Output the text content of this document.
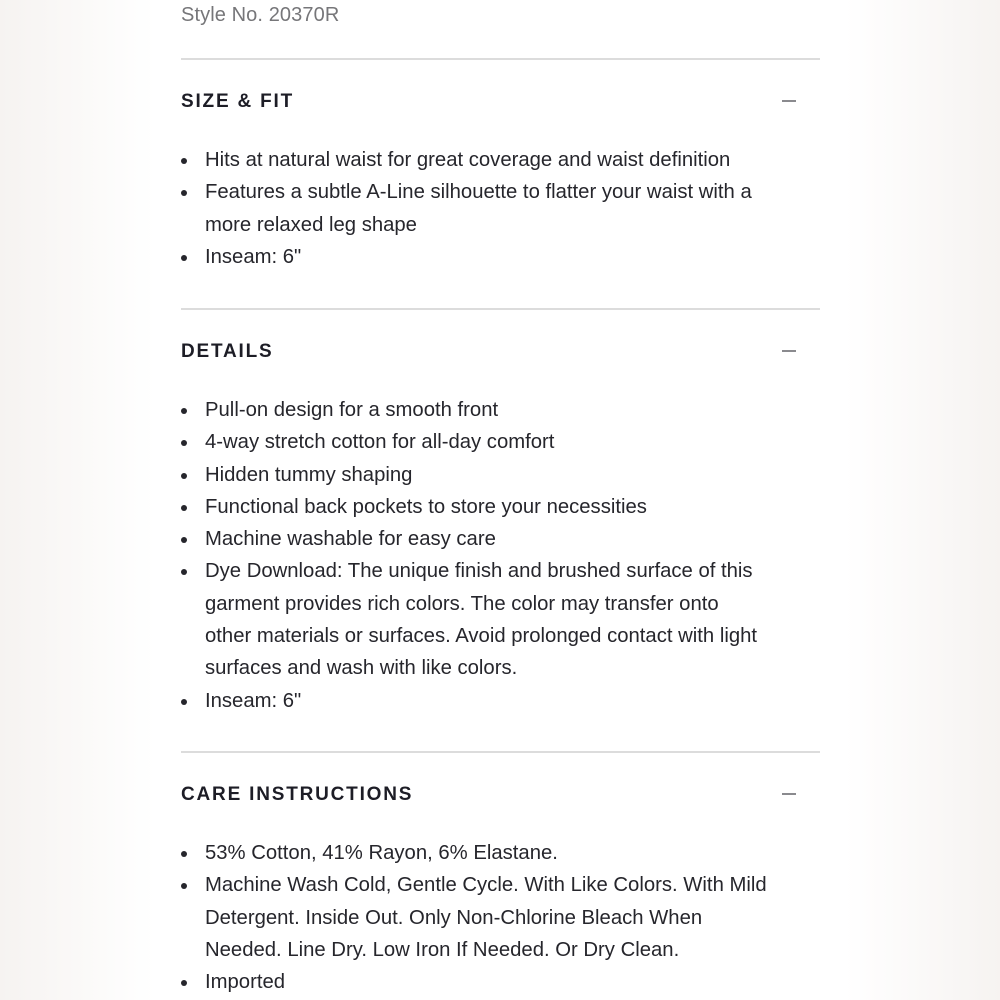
Style No. 20370R
SIZE & FIT
Hits at natural waist for great coverage and waist definition
Features a subtle A-Line silhouette to flatter your waist with a more relaxed leg shape
Inseam: 6"
DETAILS
Pull-on design for a smooth front
4-way stretch cotton for all-day comfort
Hidden tummy shaping
Functional back pockets to store your necessities
Machine washable for easy care
Dye Download: The unique finish and brushed surface of this garment provides rich colors. The color may transfer onto other materials or surfaces. Avoid prolonged contact with light surfaces and wash with like colors.
Inseam: 6"
CARE INSTRUCTIONS
53% Cotton, 41% Rayon, 6% Elastane.
Machine Wash Cold, Gentle Cycle. With Like Colors. With Mild Detergent. Inside Out. Only Non-Chlorine Bleach When Needed. Line Dry. Low Iron If Needed. Or Dry Clean.
Imported
